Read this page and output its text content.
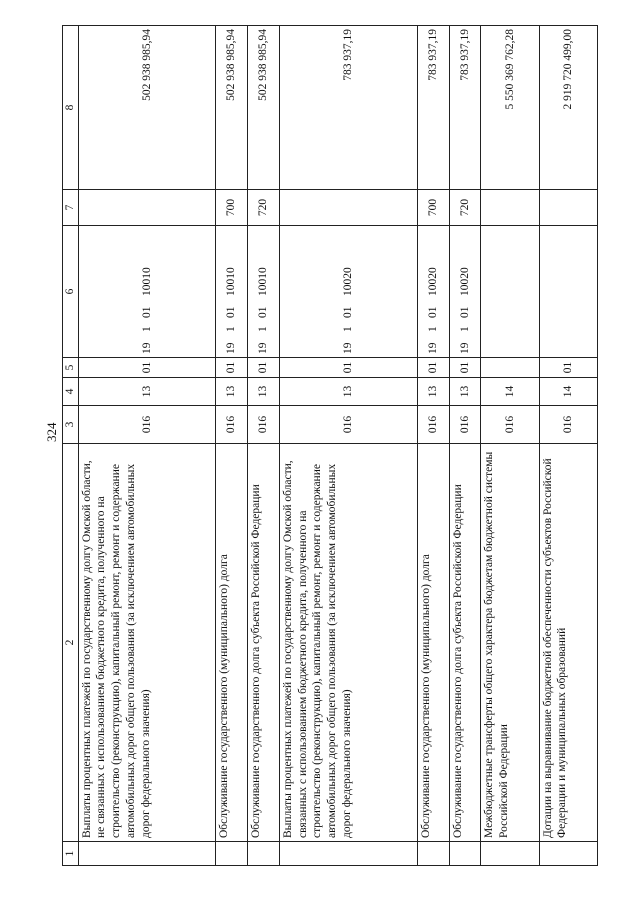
324
1	2	3	4	5	6	7	8
	Выплаты процентных платежей по государственному долгу Омской области, не связанных с использованием бюджетного кредита, полученного на строительство (реконструкцию), капитальный ремонт, ремонт и содержание автомобильных дорог общего пользования (за исключением автомобильных дорог федерального значения)	016	13	01	1910110010		502 938 985,94
	Обслуживание государственного (муниципального) долга	016	13	01	1910110010	700	502 938 985,94
	Обслуживание государственного долга субъекта Российской Федерации	016	13	01	1910110010	720	502 938 985,94
	Выплаты процентных платежей по государственному долгу Омской области, связанных с использованием бюджетного кредита, полученного на строительство (реконструкцию), капитальный ремонт, ремонт и содержание автомобильных дорог общего пользования (за исключением автомобильных дорог федерального значения)	016	13	01	1910110020		783 937,19
	Обслуживание государственного (муниципального) долга	016	13	01	1910110020	700	783 937,19
	Обслуживание государственного долга субъекта Российской Федерации	016	13	01	1910110020	720	783 937,19
	Межбюджетные трансферты общего характера бюджетам бюджетной системы Российской Федерации	016	14				5 550 369 762,28
	Дотации на выравнивание бюджетной обеспеченности субъектов Российской Федерации и муниципальных образований	016	14	01			2 919 720 499,00
